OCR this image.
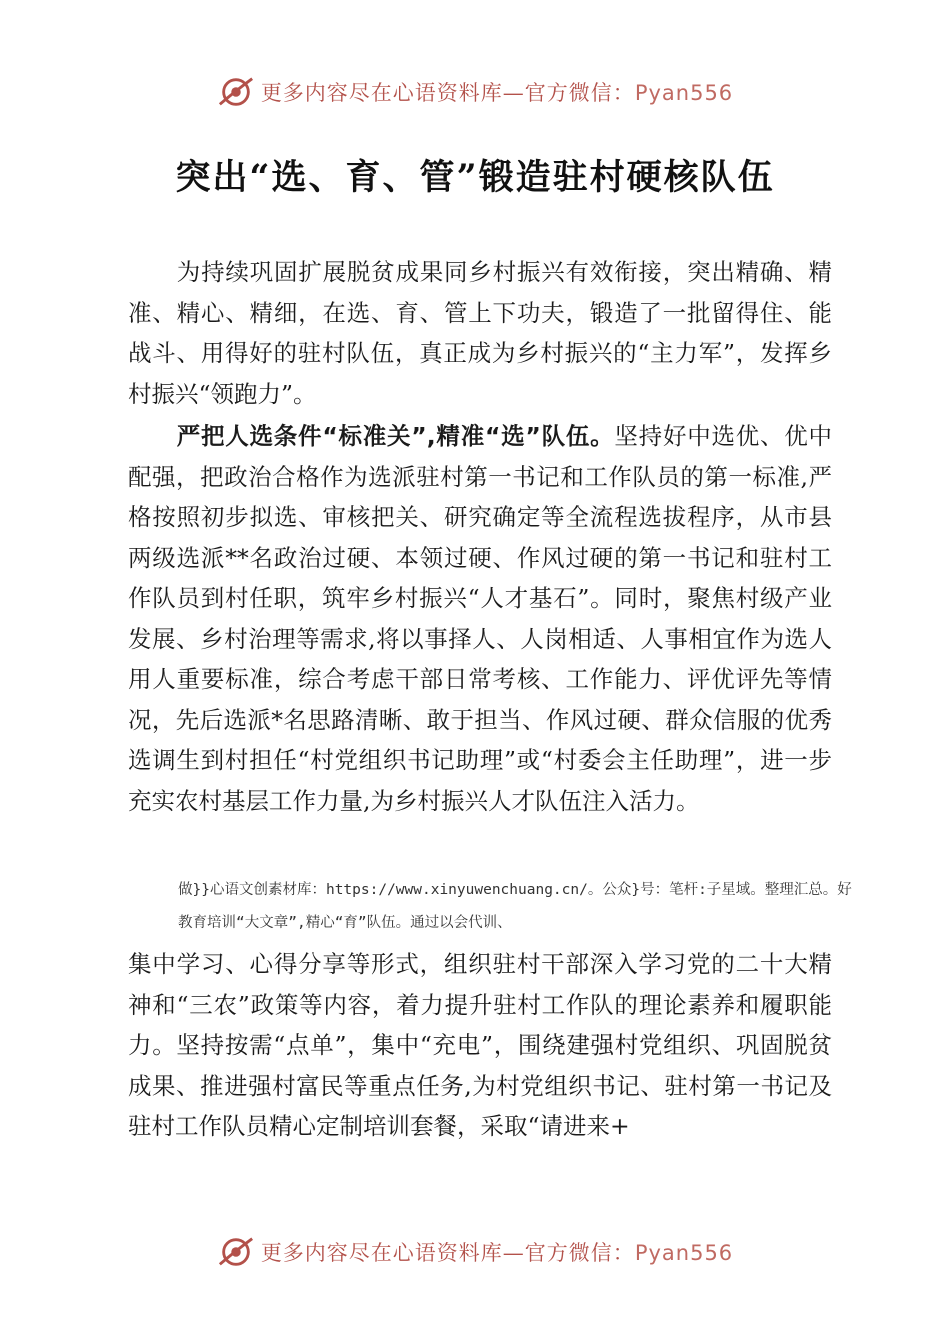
更多内容尽在心语资料库—官方微信：Pyan556
突出“选、育、管”锻造驻村硬核队伍

为持续巩固扩展脱贫成果同乡村振兴有效衔接，突出精确、精准、精心、精细，在选、育、管上下功夫，锻造了一批留得住、能战斗、用得好的驻村队伍，真正成为乡村振兴的“主力军”，发挥乡村振兴“领跑力”。

严把人选条件“标准关”,精准“选”队伍。坚持好中选优、优中配强，把政治合格作为选派驻村第一书记和工作队员的第一标准,严格按照初步拟选、审核把关、研究确定等全流程选拔程序，从市县两级选派**名政治过硬、本领过硬、作风过硬的第一书记和驻村工作队员到村任职，筑牢乡村振兴“人才基石”。同时，聚焦村级产业发展、乡村治理等需求,将以事择人、人岗相适、人事相宜作为选人用人重要标准，综合考虑干部日常考核、工作能力、评优评先等情况，先后选派*名思路清晰、敢于担当、作风过硬、群众信服的优秀选调生到村担任“村党组织书记助理”或“村委会主任助理”，进一步充实农村基层工作力量,为乡村振兴人才队伍注入活力。

做}}心语文创素材库：https://www.xinyuwenchuang.cn/。公众}号：笔杆:子星域。整理汇总。好教育培训“大文章”,精心“育”队伍。通过以会代训、

集中学习、心得分享等形式，组织驻村干部深入学习党的二十大精神和“三农”政策等内容，着力提升驻村工作队的理论素养和履职能力。坚持按需“点单”，集中“充电”，围绕建强村党组织、巩固脱贫成果、推进强村富民等重点任务,为村党组织书记、驻村第一书记及驻村工作队员精心定制培训套餐，采取“请进来+

更多内容尽在心语资料库—官方微信：Pyan556
